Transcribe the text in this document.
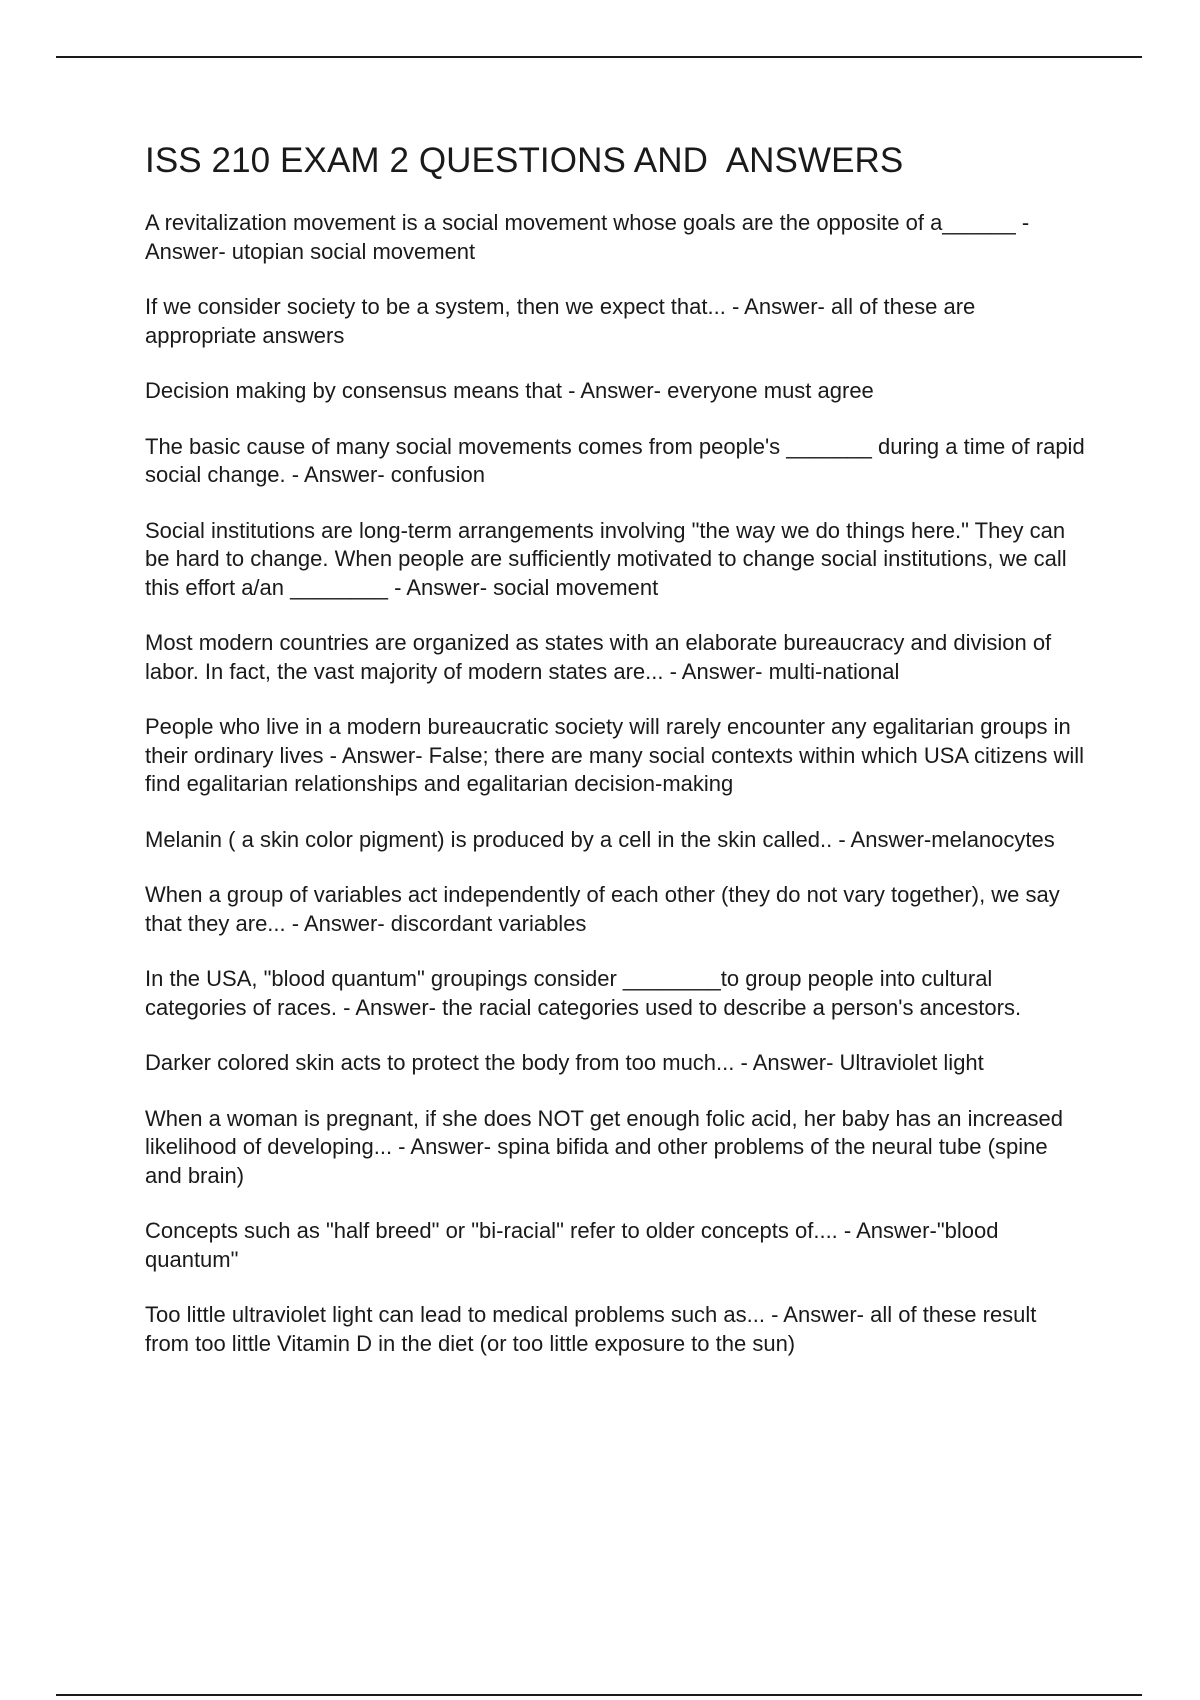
ISS 210 EXAM 2 QUESTIONS AND  ANSWERS

A revitalization movement is a social movement whose goals are the opposite of a______ - Answer- utopian social movement

If we consider society to be a system, then we expect that... - Answer- all of these are appropriate answers

Decision making by consensus means that - Answer- everyone must agree

The basic cause of many social movements comes from people's _______ during a time of rapid social change. - Answer- confusion

Social institutions are long-term arrangements involving "the way we do things here." They can be hard to change. When people are sufficiently motivated to change social institutions, we call this effort a/an ________ - Answer- social movement

Most modern countries are organized as states with an elaborate bureaucracy and division of labor. In fact, the vast majority of modern states are... - Answer- multi-national

People who live in a modern bureaucratic society will rarely encounter any egalitarian groups in their ordinary lives - Answer- False; there are many social contexts within which USA citizens will find egalitarian relationships and egalitarian decision-making

Melanin ( a skin color pigment) is produced by a cell in the skin called.. - Answer-melanocytes

When a group of variables act independently of each other (they do not vary together), we say that they are... - Answer- discordant variables

In the USA, "blood quantum" groupings consider ________to group people into cultural categories of races. - Answer- the racial categories used to describe a person's ancestors.

Darker colored skin acts to protect the body from too much... - Answer- Ultraviolet light

When a woman is pregnant, if she does NOT get enough folic acid, her baby has an increased likelihood of developing... - Answer- spina bifida and other problems of the neural tube (spine and brain)

Concepts such as "half breed" or "bi-racial" refer to older concepts of.... - Answer-"blood quantum"

Too little ultraviolet light can lead to medical problems such as... - Answer- all of these result from too little Vitamin D in the diet (or too little exposure to the sun)
